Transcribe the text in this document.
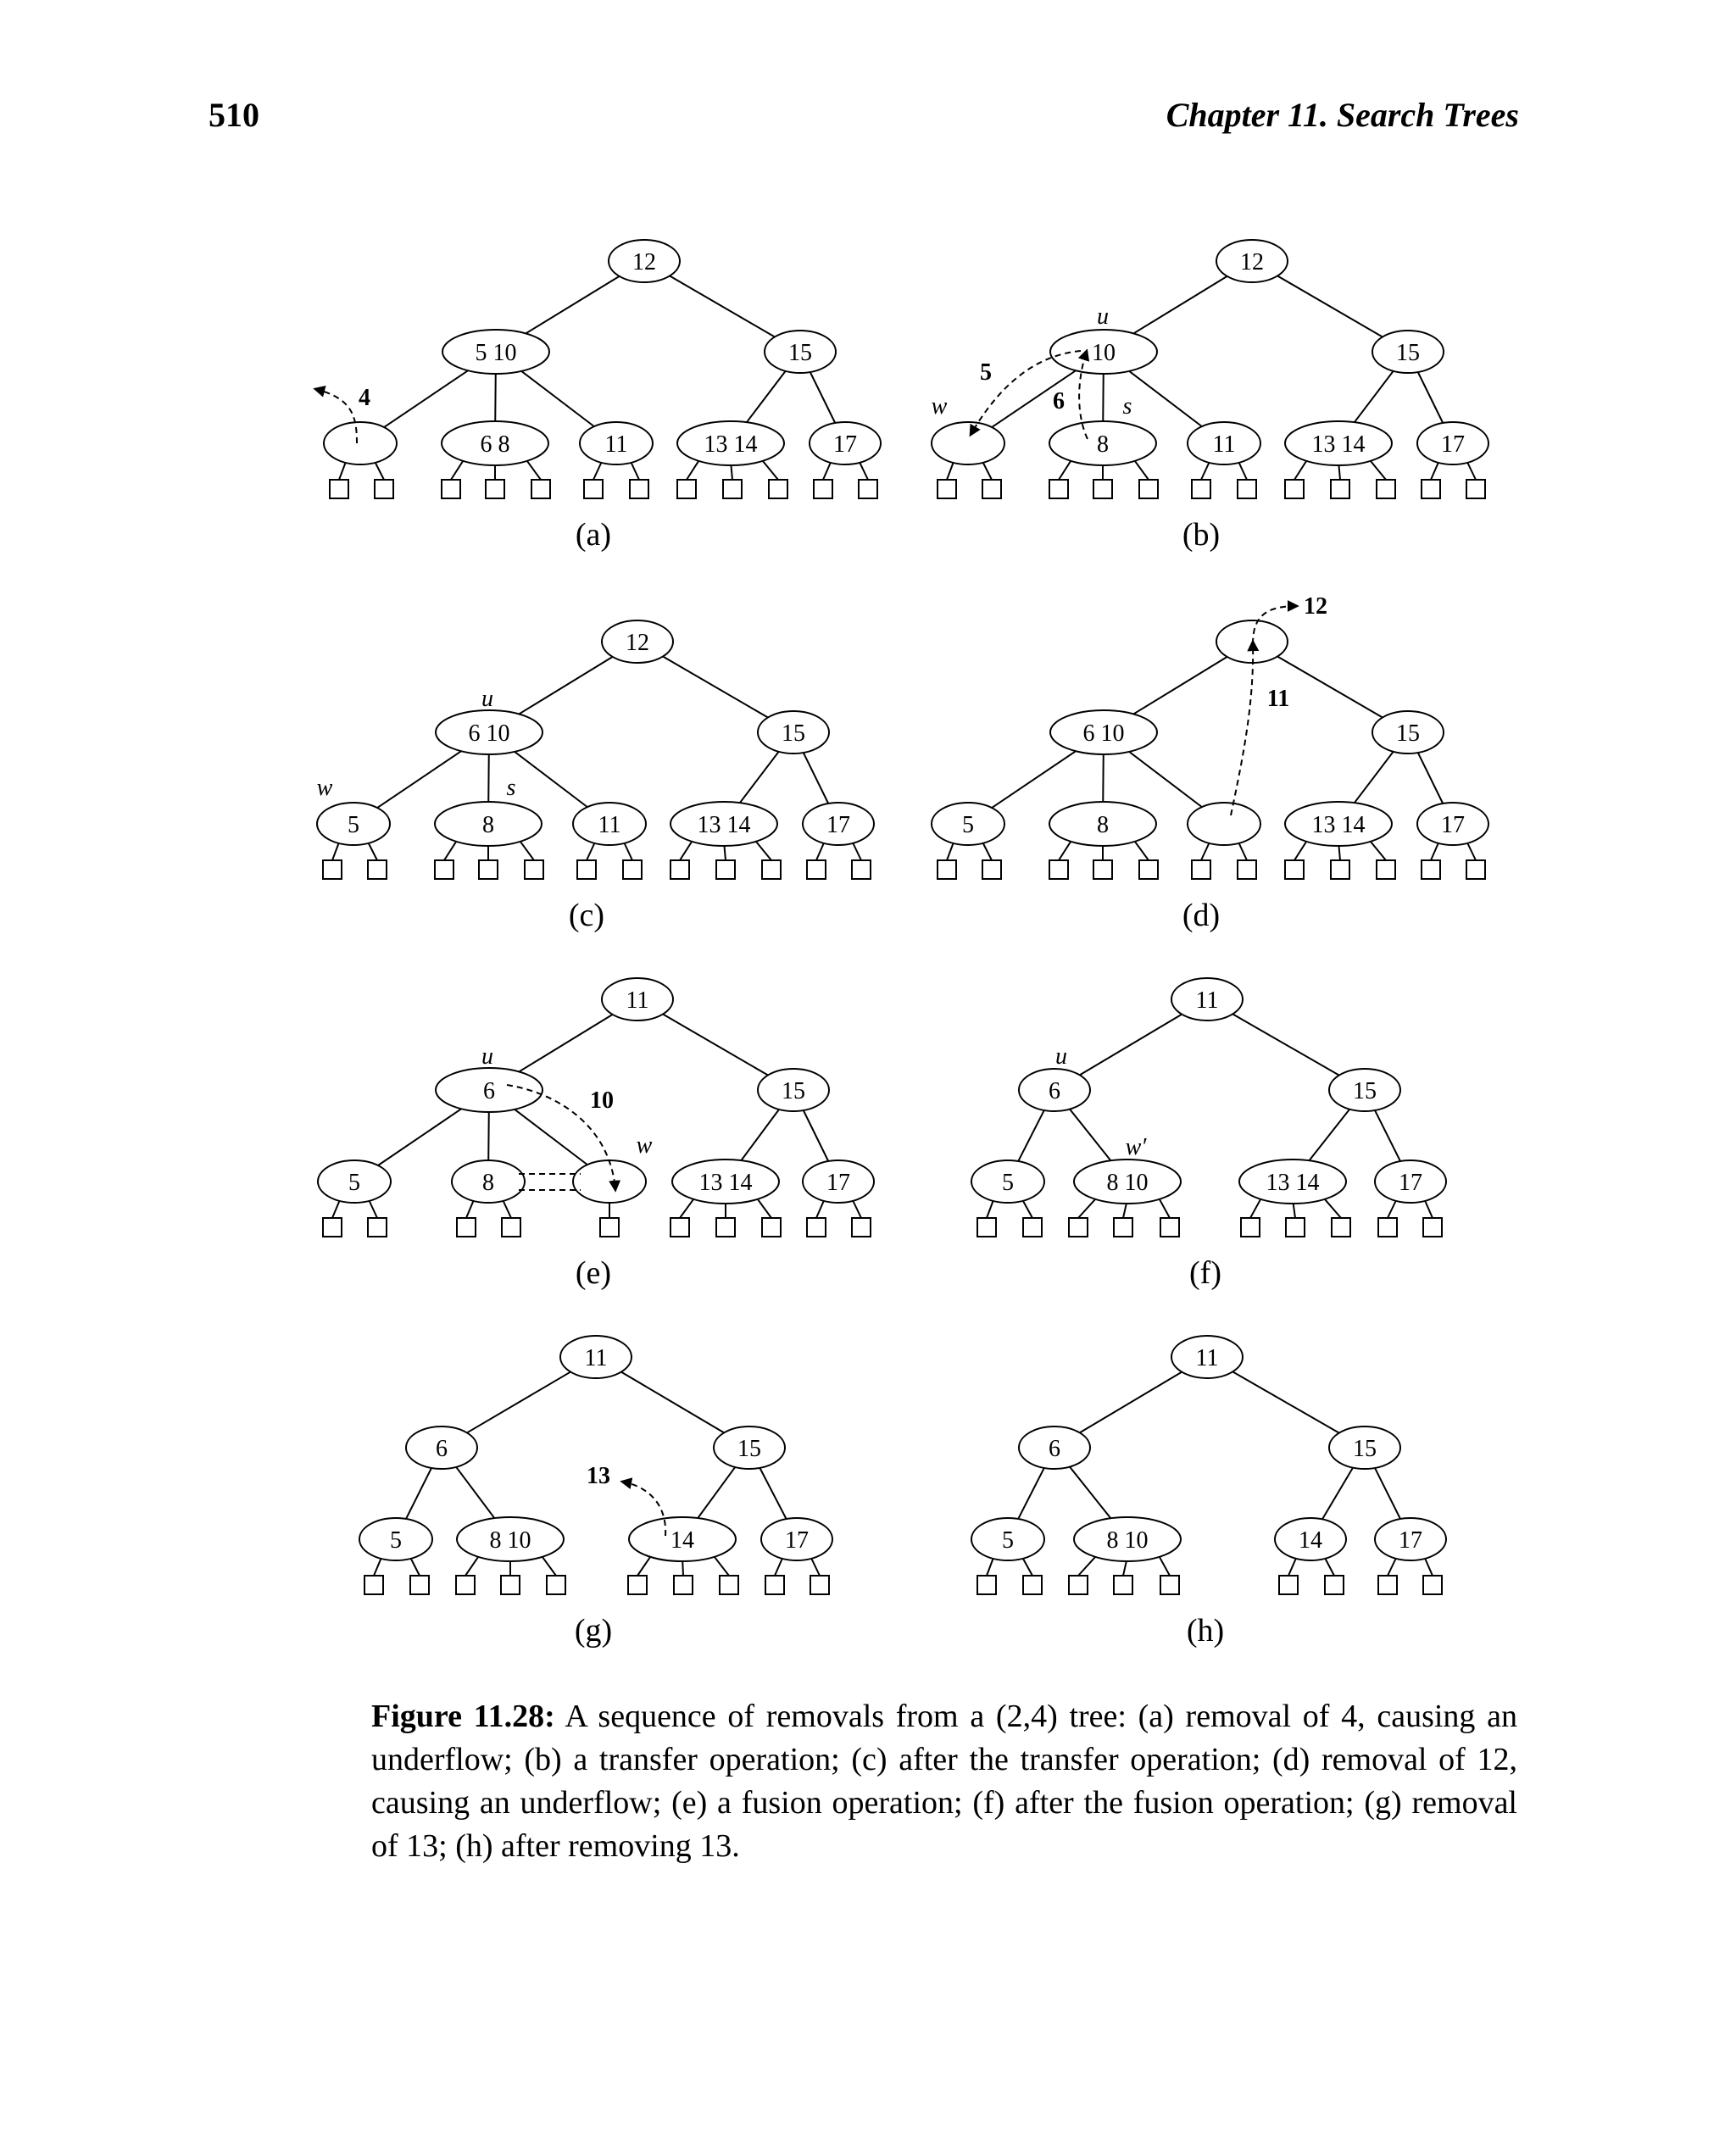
510	Chapter 11. Search Trees
12
5 10	15
6 8	11	13 14	17
(a)
4
12
10	15
8	11	13 14	17
(b)
5
6
u
w	s
12
6 10	15
5	8	11	13 14	17
(c)
u
w	s
6 10	15
5	8	13 14	17
(d)
12
11
11
6	15
5	8	13 14	17
(e)
10
u
w
11
6	15
5	8 10	13 14	17
(f)
u
w′
11
6	15
5	8 10	14	17
(g)
13
11
6	15
5	8 10	14	17
(h)
Figure 11.28: A sequence of removals from a (2,4) tree: (a) removal of 4, causing an underflow; (b) a transfer operation; (c) after the transfer operation; (d) removal of 12, causing an underflow; (e) a fusion operation; (f) after the fusion operation; (g) removal of 13; (h) after removing 13.
